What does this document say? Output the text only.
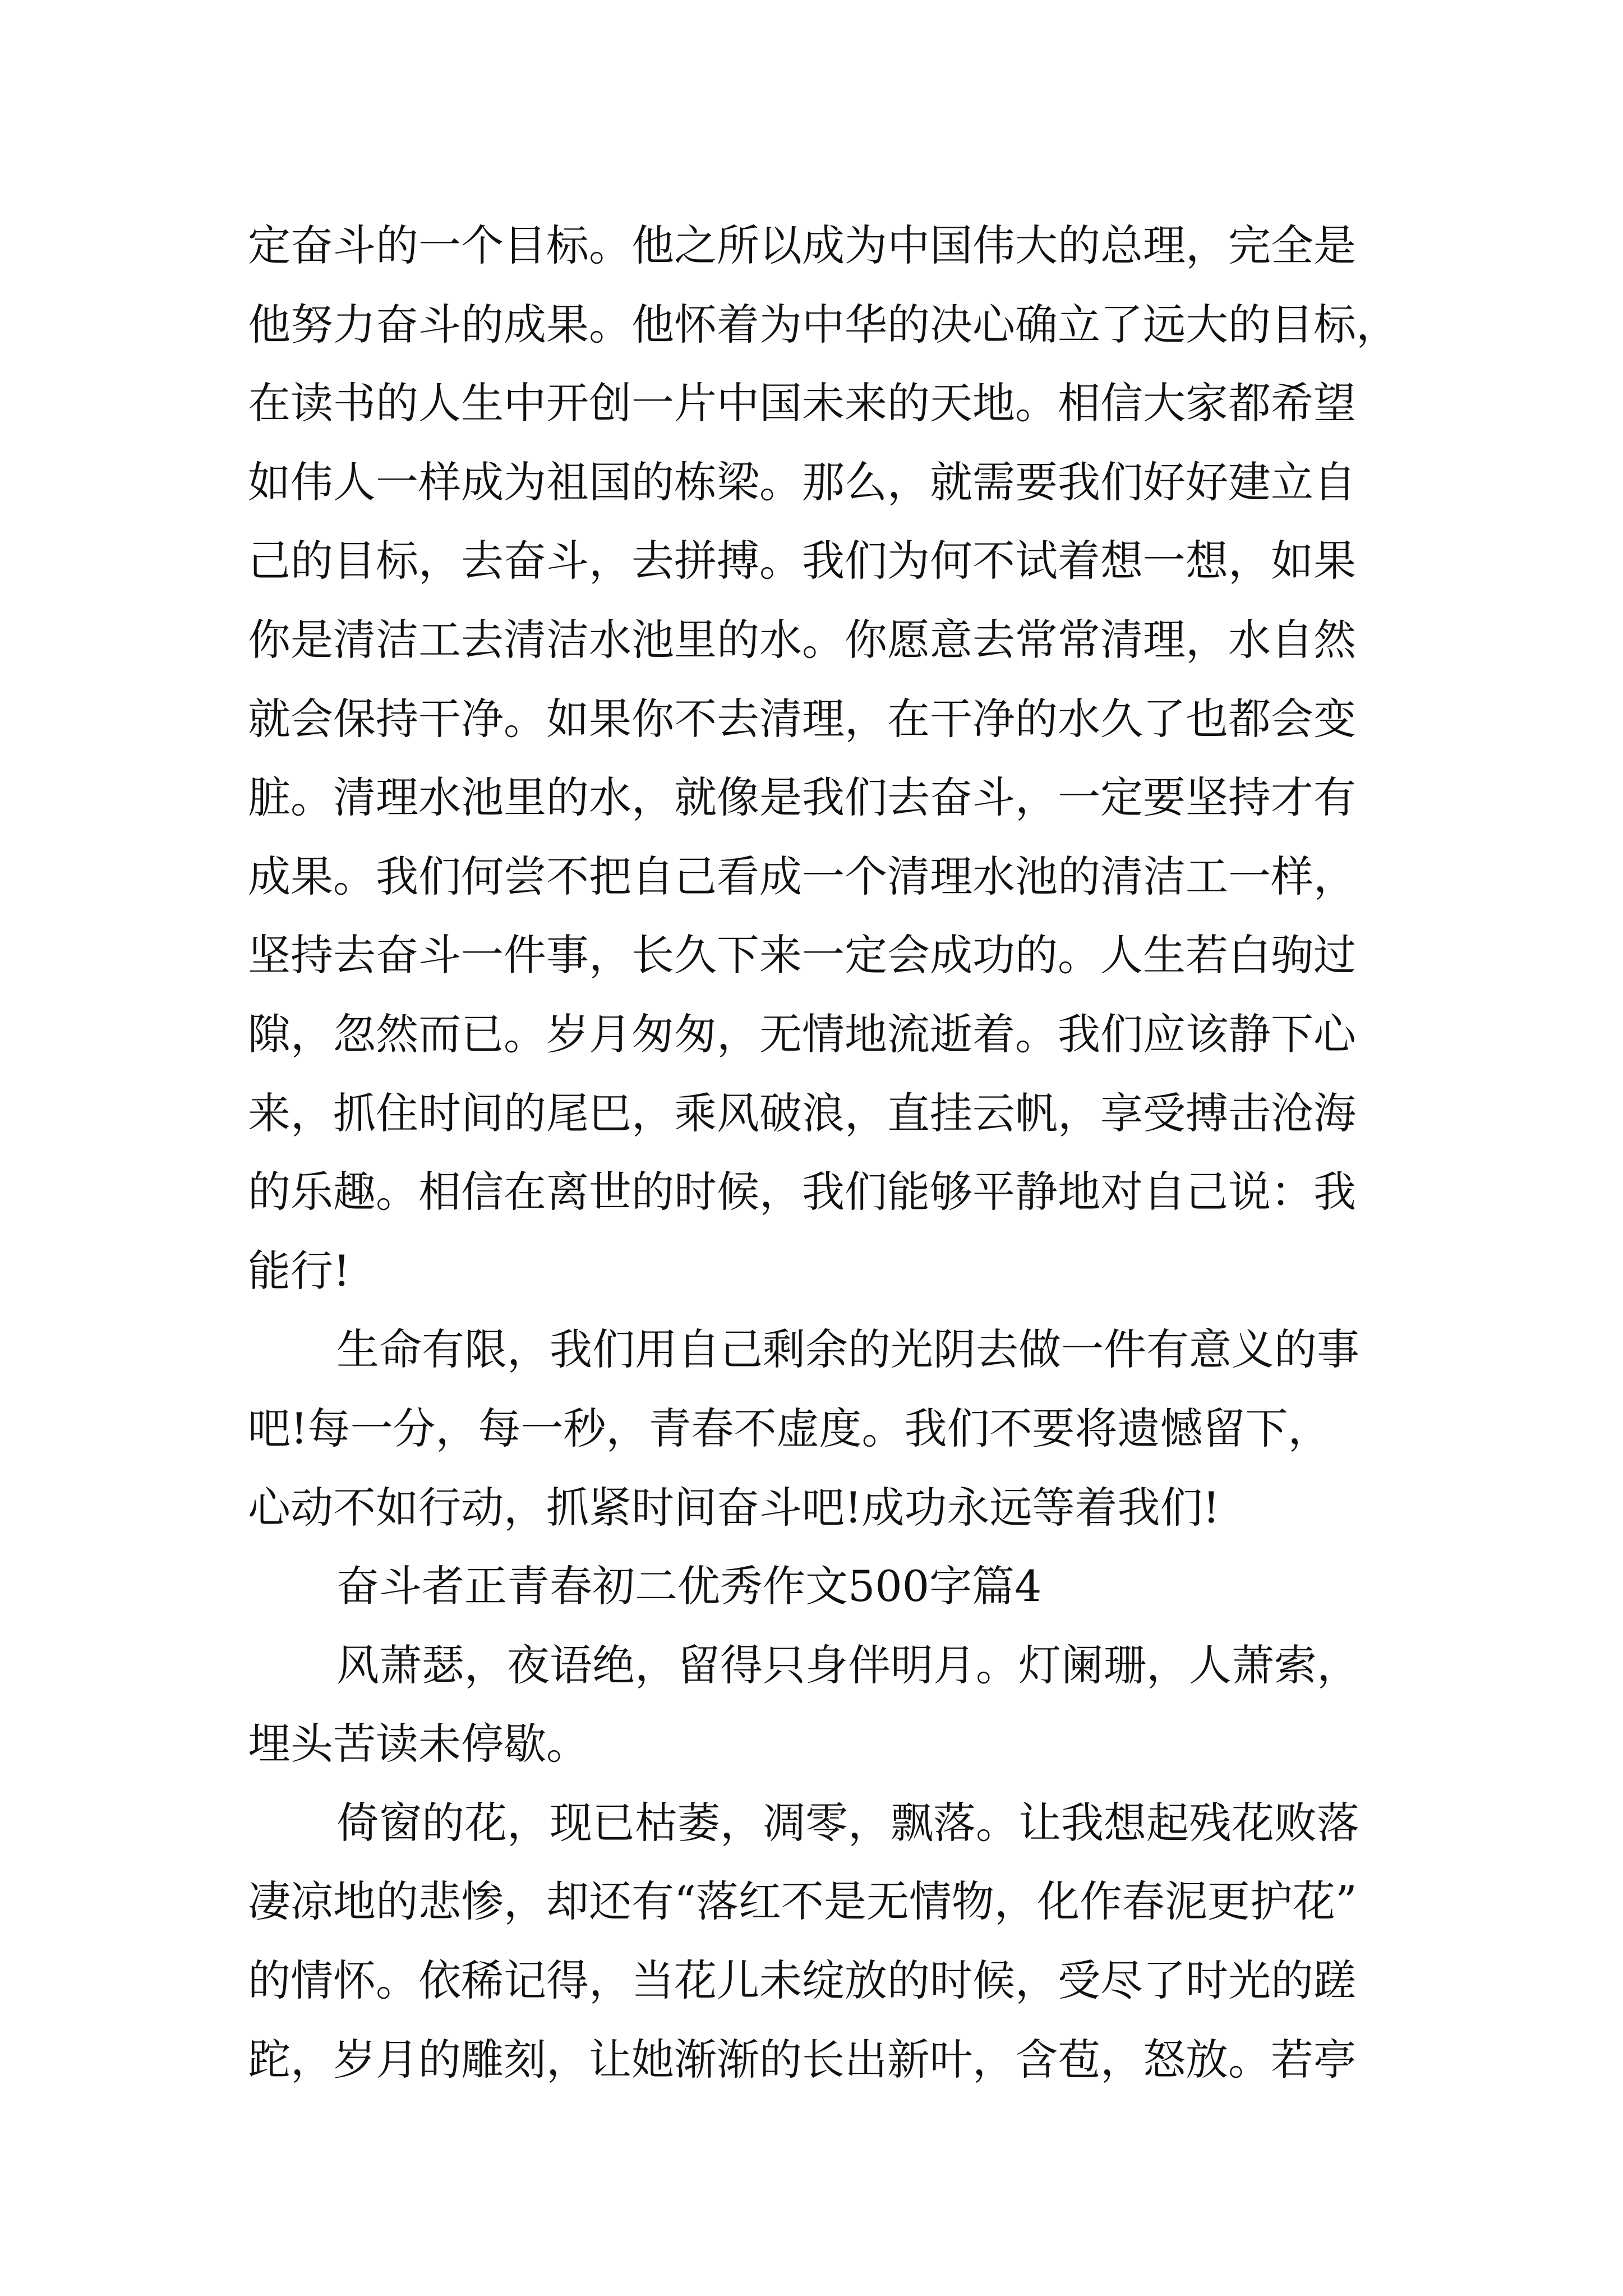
定奋斗的一个目标。他之所以成为中国伟大的总理，完全是
他努力奋斗的成果。他怀着为中华的决心确立了远大的目标，
在读书的人生中开创一片中国未来的天地。相信大家都希望
如伟人一样成为祖国的栋梁。那么，就需要我们好好建立自
己的目标，去奋斗，去拼搏。我们为何不试着想一想，如果
你是清洁工去清洁水池里的水。你愿意去常常清理，水自然
就会保持干净。如果你不去清理，在干净的水久了也都会变
脏。清理水池里的水，就像是我们去奋斗，一定要坚持才有
成果。我们何尝不把自己看成一个清理水池的清洁工一样，
坚持去奋斗一件事，长久下来一定会成功的。人生若白驹过
隙，忽然而已。岁月匆匆，无情地流逝着。我们应该静下心
来，抓住时间的尾巴，乘风破浪，直挂云帆，享受搏击沧海
的乐趣。相信在离世的时候，我们能够平静地对自己说：我
能行!
生命有限，我们用自己剩余的光阴去做一件有意义的事
吧!每一分，每一秒，青春不虚度。我们不要将遗憾留下，
心动不如行动，抓紧时间奋斗吧!成功永远等着我们!
奋斗者正青春初二优秀作文500字篇4
风萧瑟，夜语绝，留得只身伴明月。灯阑珊，人萧索，
埋头苦读未停歇。
倚窗的花，现已枯萎，凋零，飘落。让我想起残花败落
凄凉地的悲惨，却还有“落红不是无情物，化作春泥更护花”
的情怀。依稀记得，当花儿未绽放的时候，受尽了时光的蹉
跎，岁月的雕刻，让她渐渐的长出新叶，含苞，怒放。若亭
